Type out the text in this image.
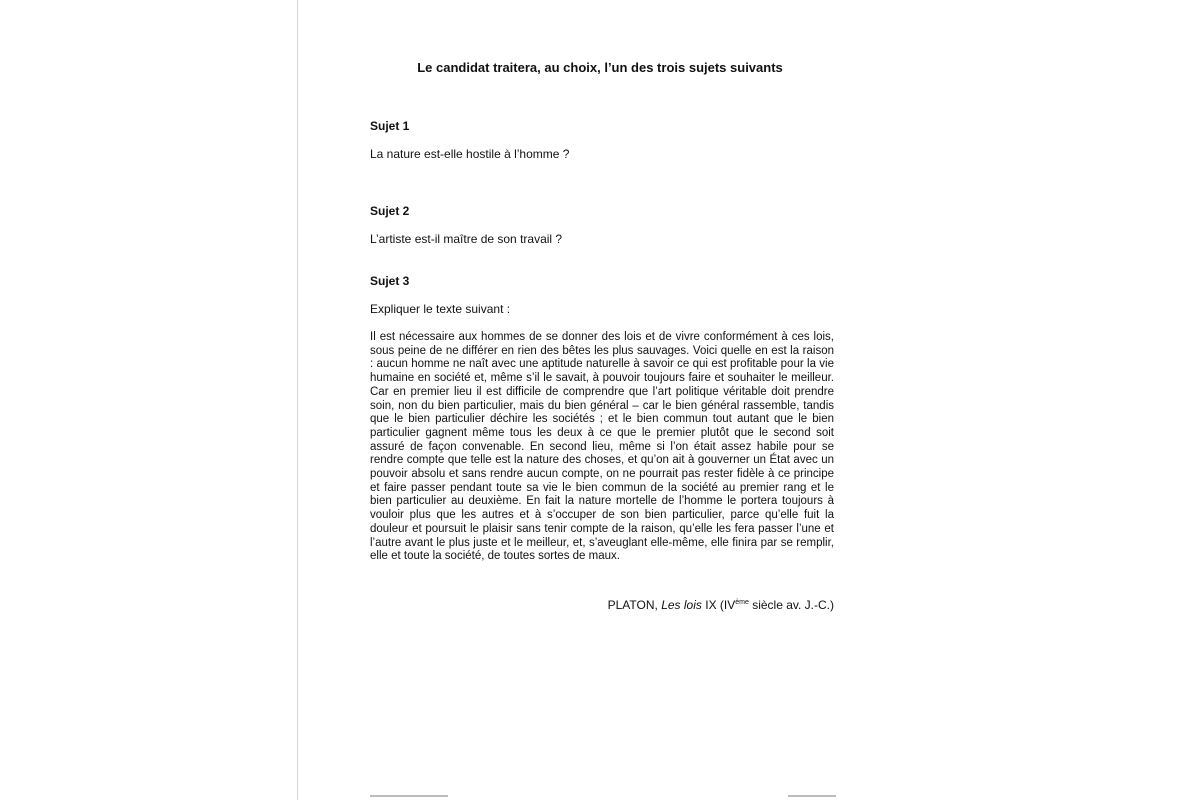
Le candidat traitera, au choix, l’un des trois sujets suivants
Sujet 1
La nature est-elle hostile à l’homme ?
Sujet 2
L’artiste est-il maître de son travail ?
Sujet 3
Expliquer le texte suivant :

Il est nécessaire aux hommes de se donner des lois et de vivre conformément à ces lois, sous peine de ne différer en rien des bêtes les plus sauvages. Voici quelle en est la raison : aucun homme ne naît avec une aptitude naturelle à savoir ce qui est profitable pour la vie humaine en société et, même s’il le savait, à pouvoir toujours faire et souhaiter le meilleur. Car en premier lieu il est difficile de comprendre que l’art politique véritable doit prendre soin, non du bien particulier, mais du bien général – car le bien général rassemble, tandis que le bien particulier déchire les sociétés ; et le bien commun tout autant que le bien particulier gagnent même tous les deux à ce que le premier plutôt que le second soit assuré de façon convenable. En second lieu, même si l’on était assez habile pour se rendre compte que telle est la nature des choses, et qu’on ait à gouverner un État avec un pouvoir absolu et sans rendre aucun compte, on ne pourrait pas rester fidèle à ce principe et faire passer pendant toute sa vie le bien commun de la société au premier rang et le bien particulier au deuxième. En fait la nature mortelle de l’homme le portera toujours à vouloir plus que les autres et à s’occuper de son bien particulier, parce qu’elle fuit la douleur et poursuit le plaisir sans tenir compte de la raison, qu’elle les fera passer l’une et l’autre avant le plus juste et le meilleur, et, s’aveuglant elle-même, elle finira par se remplir, elle et toute la société, de toutes sortes de maux.

PLATON, Les lois IX (IVème siècle av. J.-C.)
